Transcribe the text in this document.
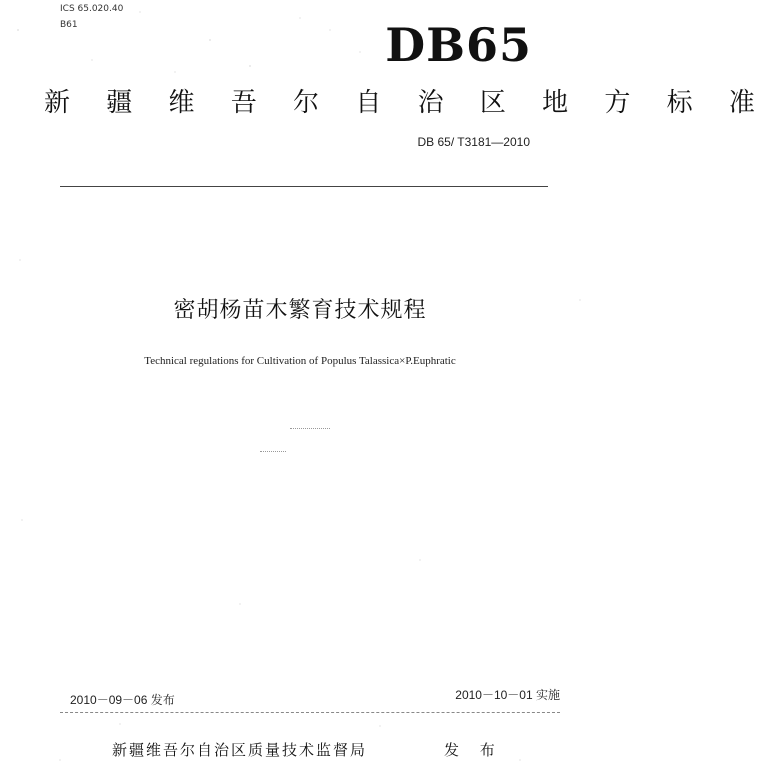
ICS 65.020.40
B61	DB65
新 疆 维 吾 尔 自 治 区 地 方 标 准
DB 65/ T3181—2010
密胡杨苗木繁育技术规程
Technical regulations for Cultivation of Populus Talassica×P.Euphratic
2010－09－06 发布	2010－10－01 实施
新疆维吾尔自治区质量技术监督局	发 布
